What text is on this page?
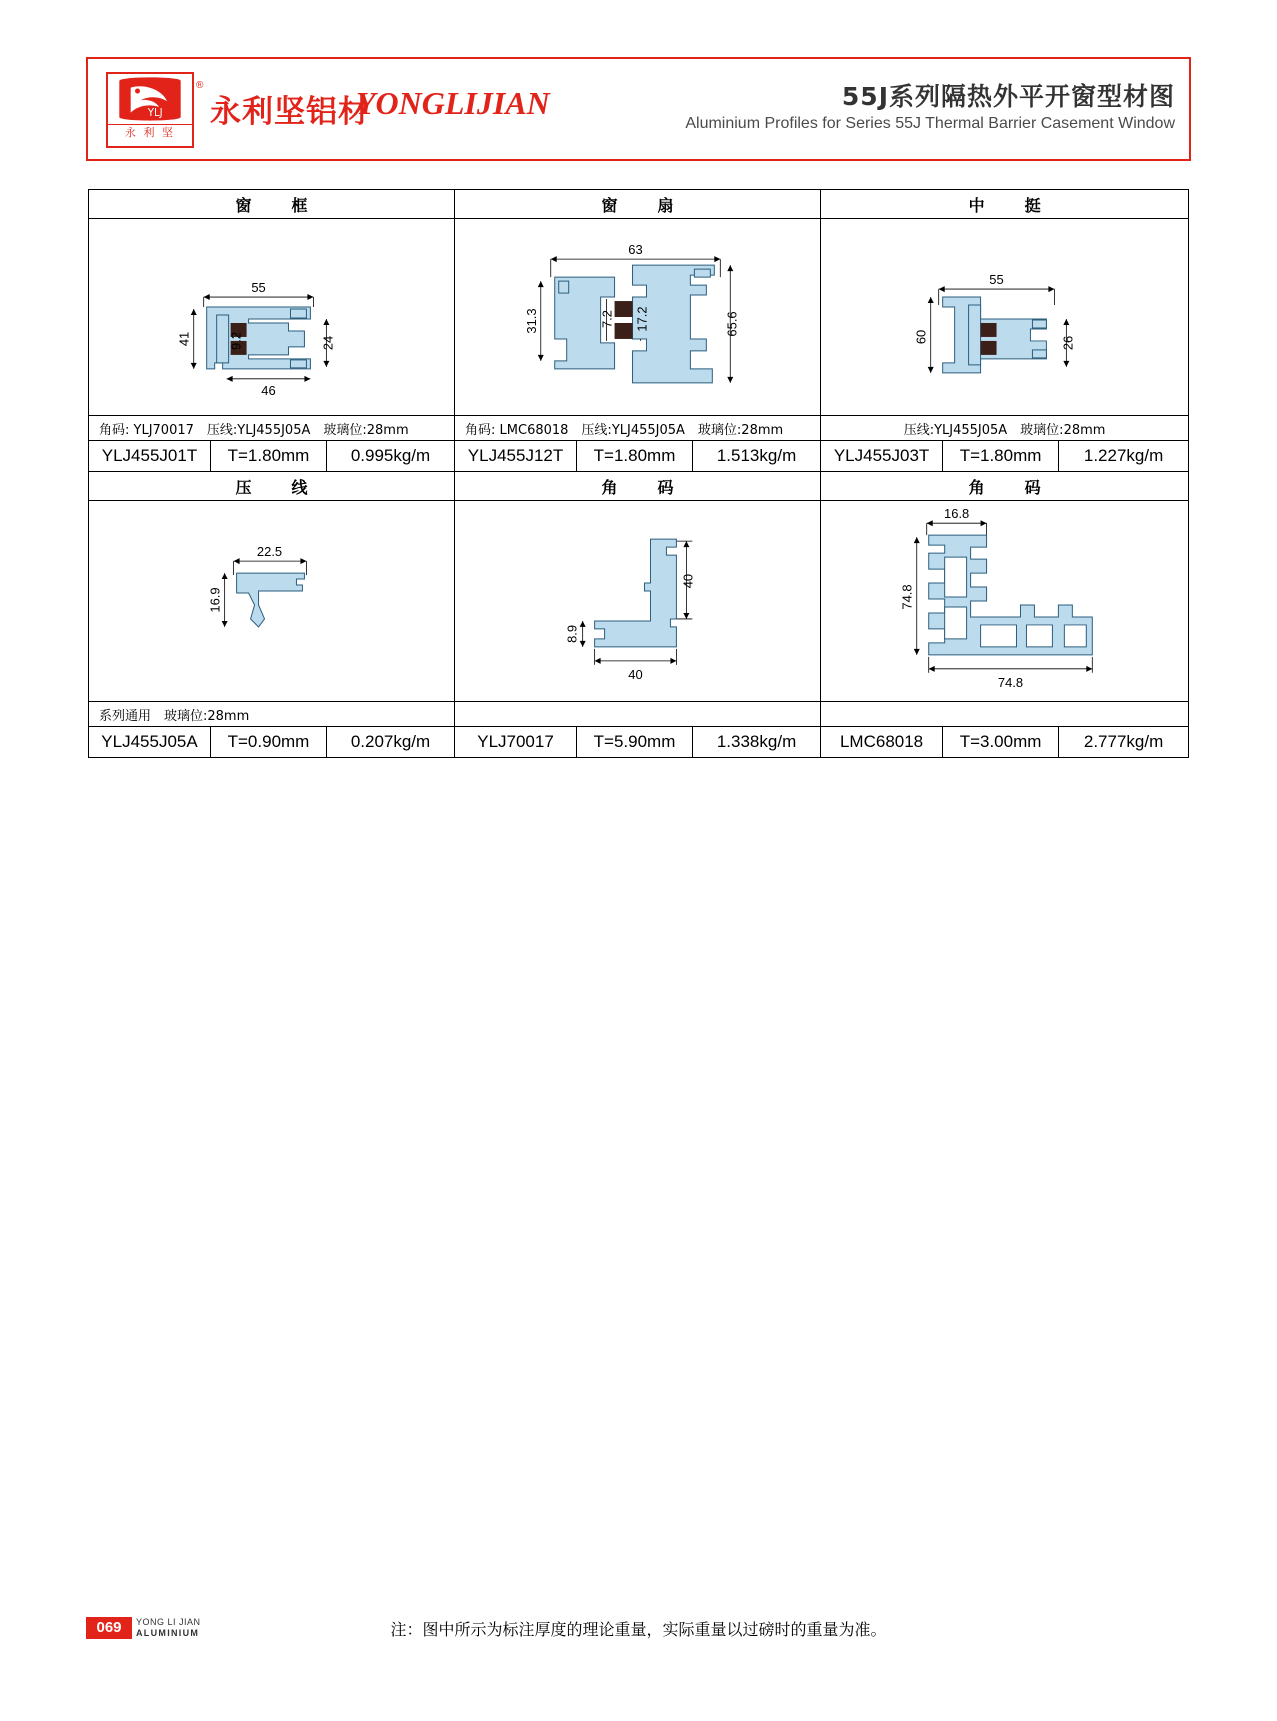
YLJ
永 利 坚
®
永利坚铝材
YONGLIJIAN	55J系列隔热外平开窗型材图
Aluminium Profiles for Series 55J Thermal Barrier Casement Window
窗　框			窗　扇			中　挺		

55
46
41 9.2 24			63
31.3 65.6
7.2 17.2			55
60 26		

角码: YLJ70017　压线:YLJ455J05A　玻璃位:28mm			角码: LMC68018　压线:YLJ455J05A　玻璃位:28mm			压线:YLJ455J05A　玻璃位:28mm		
YLJ455J01T	T=1.80mm	0.995kg/m	YLJ455J12T	T=1.80mm	1.513kg/m	YLJ455J03T	T=1.80mm	1.227kg/m
压　线			角　码			角　码		

22.5
16.9			40
8.9
40			16.8
74.8
74.8		

系列通用　玻璃位:28mm								
YLJ455J05A	T=0.90mm	0.207kg/m	YLJ70017	T=5.90mm	1.338kg/m	LMC68018	T=3.00mm	2.777kg/m
069	YONG LI JIAN
ALUMINIUM	注：图中所示为标注厚度的理论重量，实际重量以过磅时的重量为准。
